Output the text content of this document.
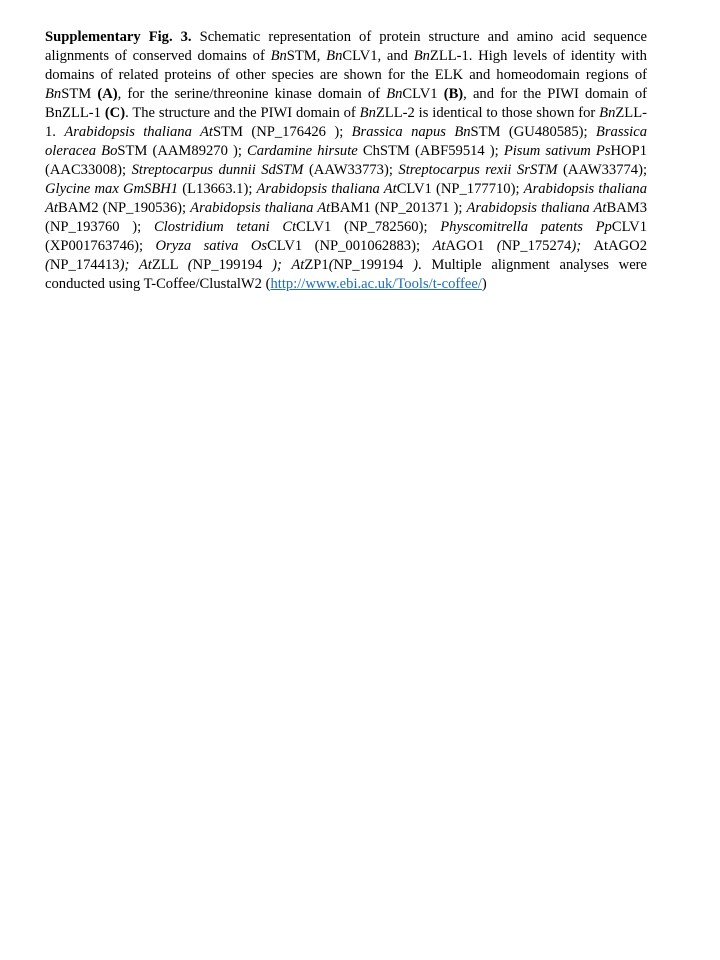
Supplementary Fig. 3. Schematic representation of protein structure and amino acid sequence alignments of conserved domains of BnSTM, BnCLV1, and BnZLL-1. High levels of identity with domains of related proteins of other species are shown for the ELK and homeodomain regions of BnSTM (A), for the serine/threonine kinase domain of BnCLV1 (B), and for the PIWI domain of BnZLL-1 (C). The structure and the PIWI domain of BnZLL-2 is identical to those shown for BnZLL-1. Arabidopsis thaliana AtSTM (NP_176426 ); Brassica napus BnSTM (GU480585); Brassica oleracea BoSTM (AAM89270 ); Cardamine hirsute ChSTM (ABF59514 ); Pisum sativum PsHOP1 (AAC33008); Streptocarpus dunnii SdSTM (AAW33773); Streptocarpus rexii SrSTM (AAW33774); Glycine max GmSBH1 (L13663.1); Arabidopsis thaliana AtCLV1 (NP_177710); Arabidopsis thaliana AtBAM2 (NP_190536); Arabidopsis thaliana AtBAM1 (NP_201371 ); Arabidopsis thaliana AtBAM3 (NP_193760 ); Clostridium tetani CtCLV1 (NP_782560); Physcomitrella patents PpCLV1 (XP001763746); Oryza sativa OsCLV1 (NP_001062883); AtAGO1 (NP_175274); AtAGO2 (NP_174413); AtZLL (NP_199194 ); AtZP1(NP_199194 ). Multiple alignment analyses were conducted using T-Coffee/ClustalW2 (http://www.ebi.ac.uk/Tools/t-coffee/)
